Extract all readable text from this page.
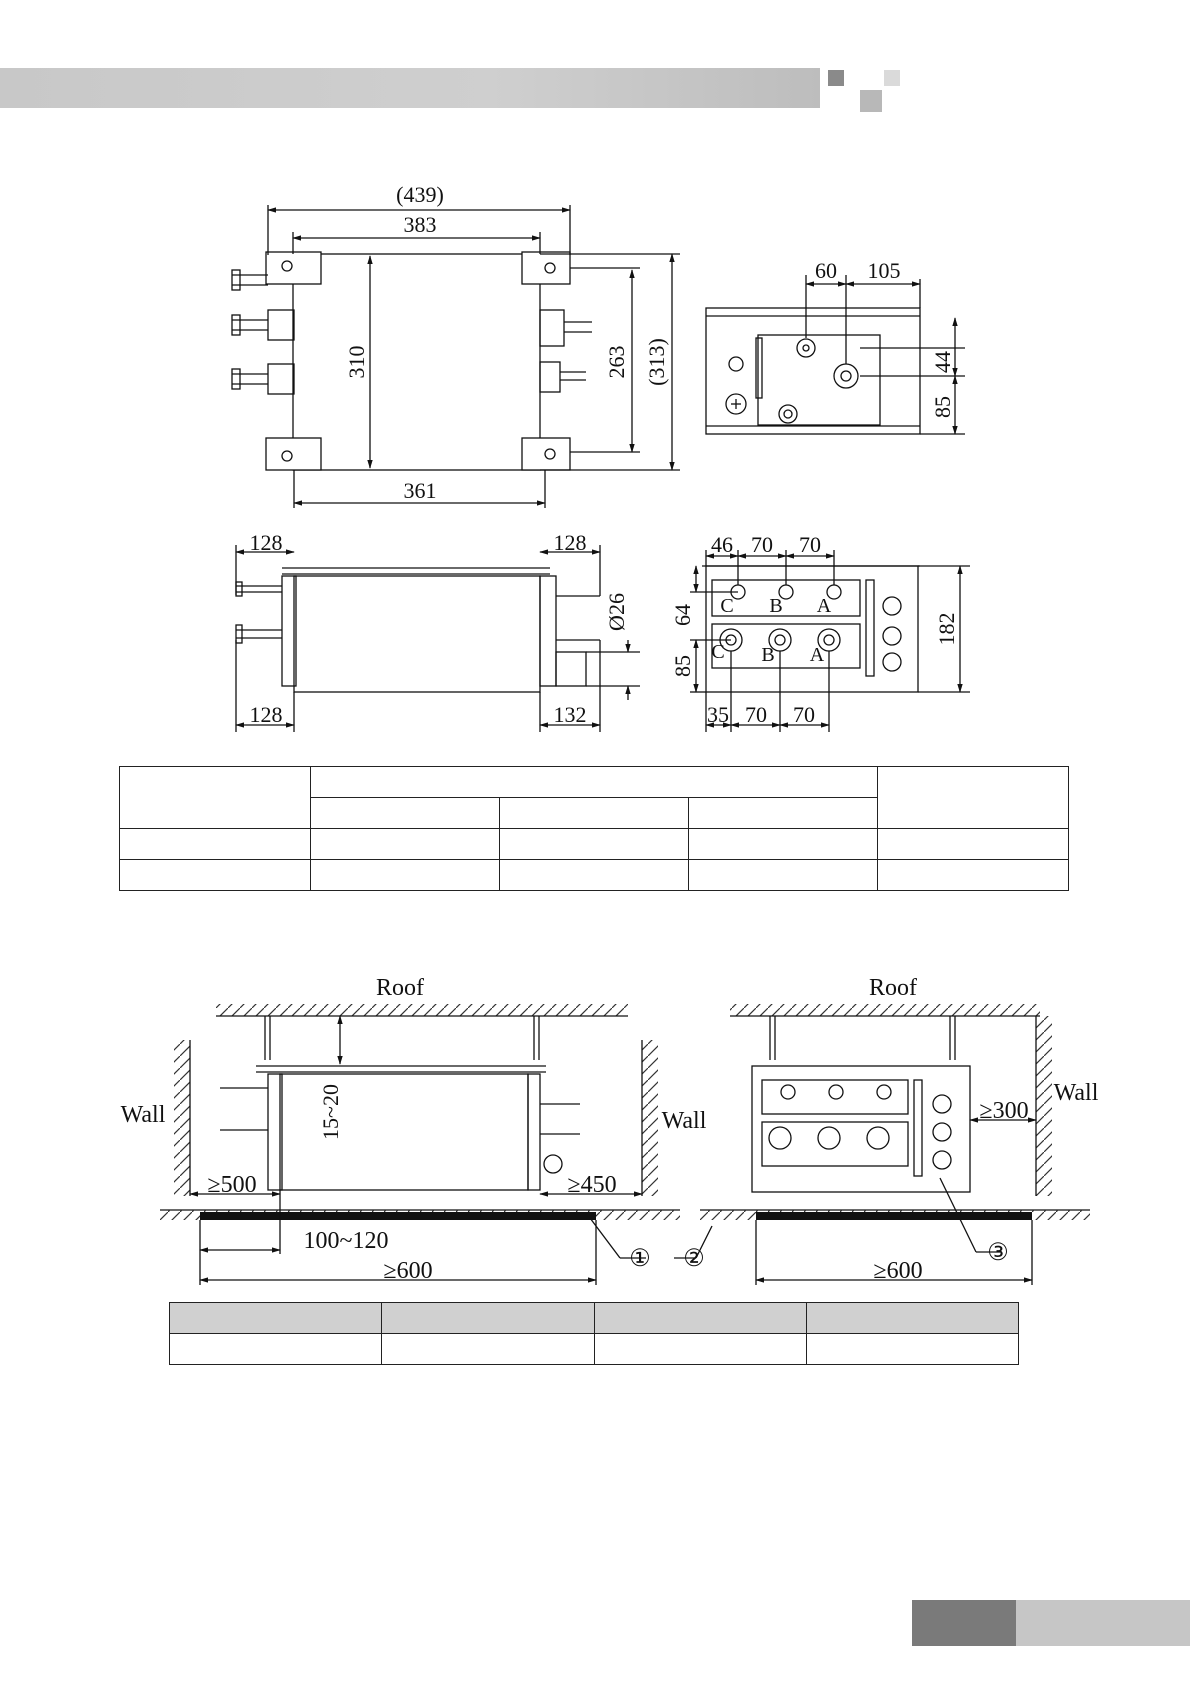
(439)
383
361
310	263 (313)
60 105
44
85
128	128
128	132
Ø26
46 70 70
35 70 70
64
85
182
C B A
C B A
Roof
Wall	Wall
15~20
≥500	≥450
100~120
≥600	① ②
Roof
Wall
≥300
≥600
③
